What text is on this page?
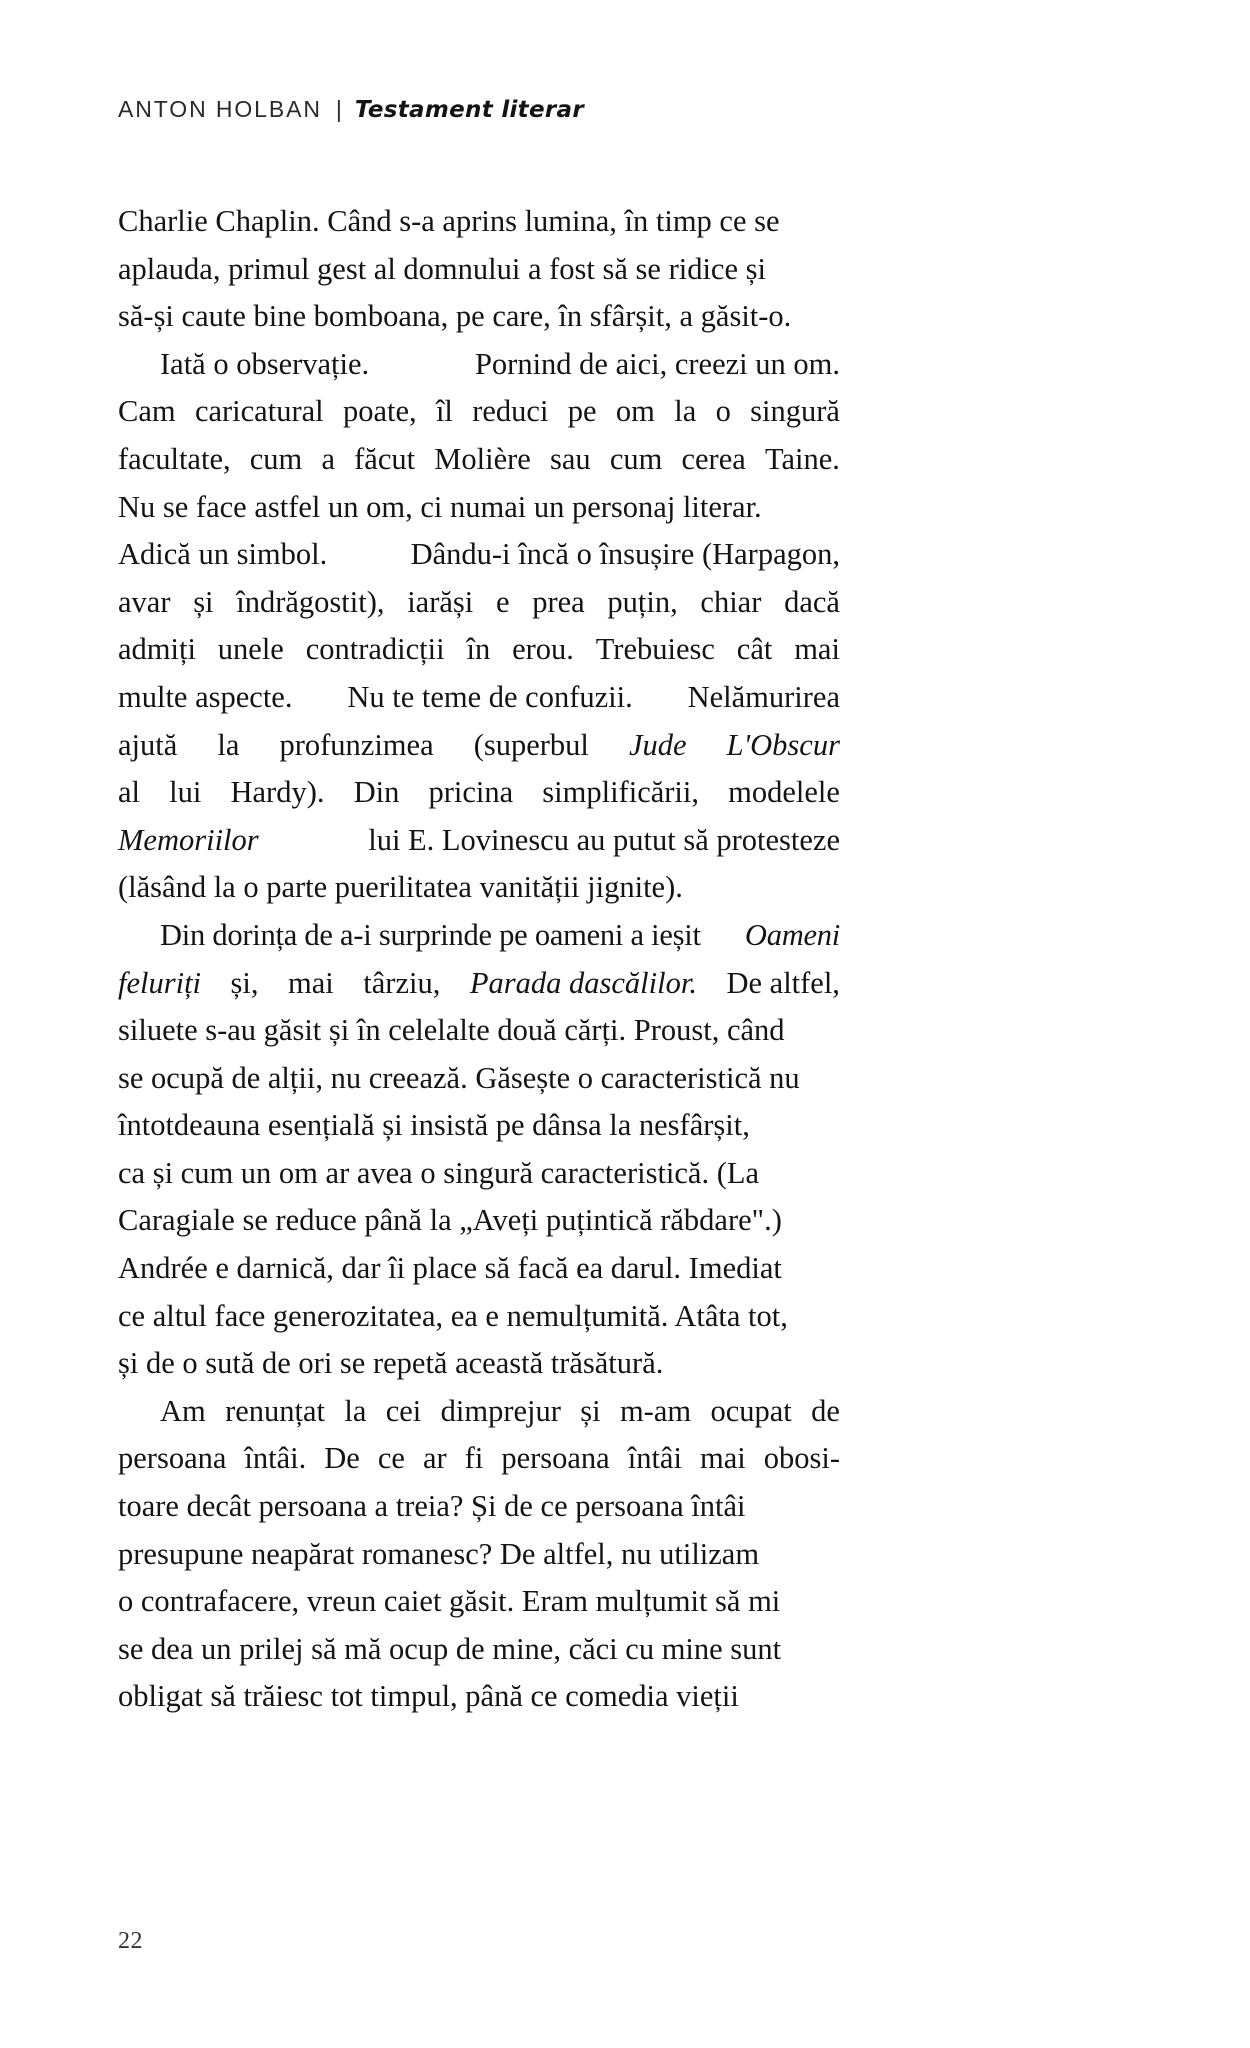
ANTON HOLBAN | Testament literar
Charlie Chaplin. Când s-a aprins lumina, în timp ce se
aplauda, primul gest al domnului a fost să se ridice și
să-și caute bine bomboana, pe care, în sfârșit, a găsit-o.
Iată o observație.	Pornind de aici, creezi un om.
Cam caricatural poate, îl reduci pe om la o singură
facultate, cum a făcut Molière sau cum cerea Taine.
Nu se face astfel un om, ci numai un personaj literar.
Adică un simbol.	Dându-i încă o însușire (Harpagon,
avar și îndrăgostit), iarăși e prea puțin, chiar dacă
admiți unele contradicții în erou. Trebuiesc cât mai
multe aspecte. Nu te teme de confuzii. Nelămurirea
ajută la profunzimea (superbul Jude L'Obscur
al lui Hardy). Din pricina simplificării, modelele
Memoriilor	lui E. Lovinescu au putut să protesteze
(lăsând la o parte puerilitatea vanității jignite).
Din dorința de a-i surprinde pe oameni a ieșit Oameni
feluriți și, mai târziu, Parada dascălilor. De altfel,
siluete s-au găsit și în celelalte două cărți. Proust, când
se ocupă de alții, nu creează. Găsește o caracteristică nu
întotdeauna esențială și insistă pe dânsa la nesfârșit,
ca și cum un om ar avea o singură caracteristică. (La
Caragiale se reduce până la „Aveți puțintică răbdare".)
Andrée e darnică, dar îi place să facă ea darul. Imediat
ce altul face generozitatea, ea e nemulțumită. Atâta tot,
și de o sută de ori se repetă această trăsătură.
Am renunțat la cei dimprejur și m-am ocupat de
persoana întâi. De ce ar fi persoana întâi mai obosi-
toare decât persoana a treia? Și de ce persoana întâi
presupune neapărat romanesc? De altfel, nu utilizam
o contrafacere, vreun caiet găsit. Eram mulțumit să mi
se dea un prilej să mă ocup de mine, căci cu mine sunt
obligat să trăiesc tot timpul, până ce comedia vieții
22
